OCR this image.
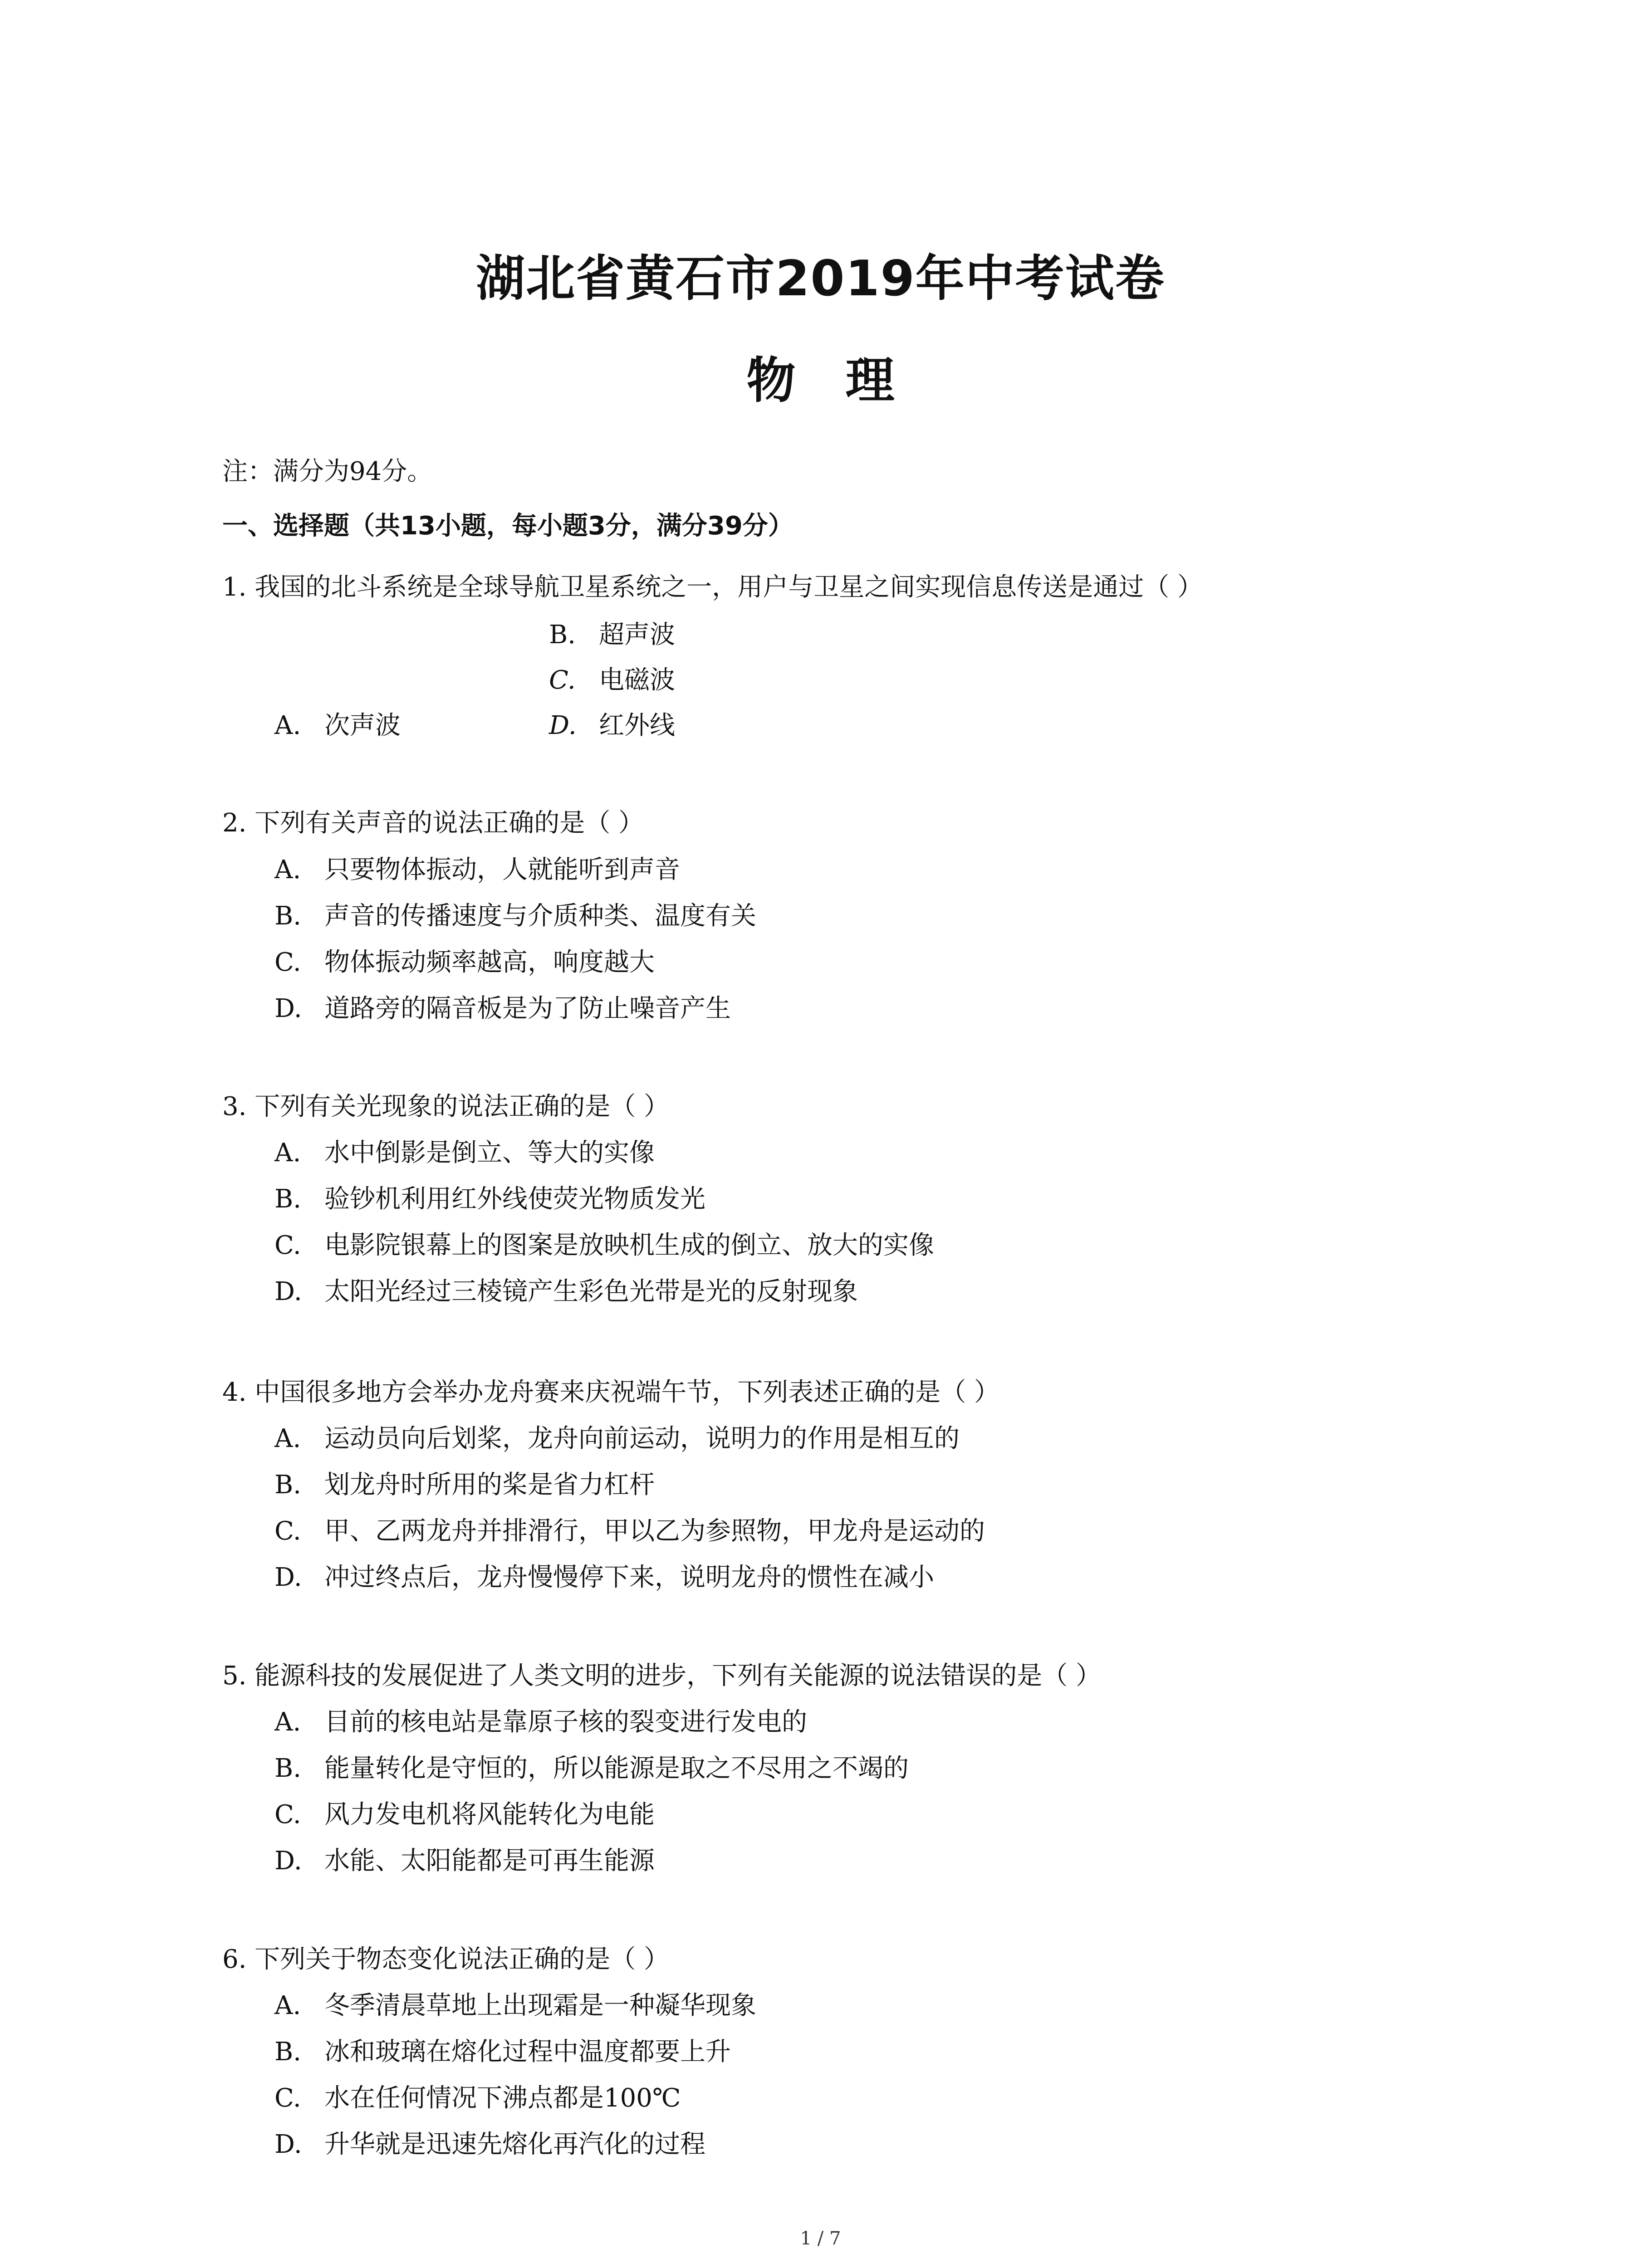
湖北省黄石市2019年中考试卷
物理
注：满分为94分。
一、选择题（共13小题，每小题3分，满分39分）
1. 我国的北斗系统是全球导航卫星系统之一，用户与卫星之间实现信息传送是通过（ ）
B. 超声波
C. 电磁波
A. 次声波	D. 红外线
2. 下列有关声音的说法正确的是（ ）
A. 只要物体振动，人就能听到声音
B. 声音的传播速度与介质种类、温度有关
C. 物体振动频率越高，响度越大
D. 道路旁的隔音板是为了防止噪音产生
3. 下列有关光现象的说法正确的是（ ）
A. 水中倒影是倒立、等大的实像
B. 验钞机利用红外线使荧光物质发光
C. 电影院银幕上的图案是放映机生成的倒立、放大的实像
D. 太阳光经过三棱镜产生彩色光带是光的反射现象
4. 中国很多地方会举办龙舟赛来庆祝端午节，下列表述正确的是（ ）
A. 运动员向后划桨，龙舟向前运动，说明力的作用是相互的
B. 划龙舟时所用的桨是省力杠杆
C. 甲、乙两龙舟并排滑行，甲以乙为参照物，甲龙舟是运动的
D. 冲过终点后，龙舟慢慢停下来，说明龙舟的惯性在减小
5. 能源科技的发展促进了人类文明的进步，下列有关能源的说法错误的是（ ）
A. 目前的核电站是靠原子核的裂变进行发电的
B. 能量转化是守恒的，所以能源是取之不尽用之不竭的
C. 风力发电机将风能转化为电能
D. 水能、太阳能都是可再生能源
6. 下列关于物态变化说法正确的是（ ）
A. 冬季清晨草地上出现霜是一种凝华现象
B. 冰和玻璃在熔化过程中温度都要上升
C. 水在任何情况下沸点都是100℃
D. 升华就是迅速先熔化再汽化的过程
1 / 7
